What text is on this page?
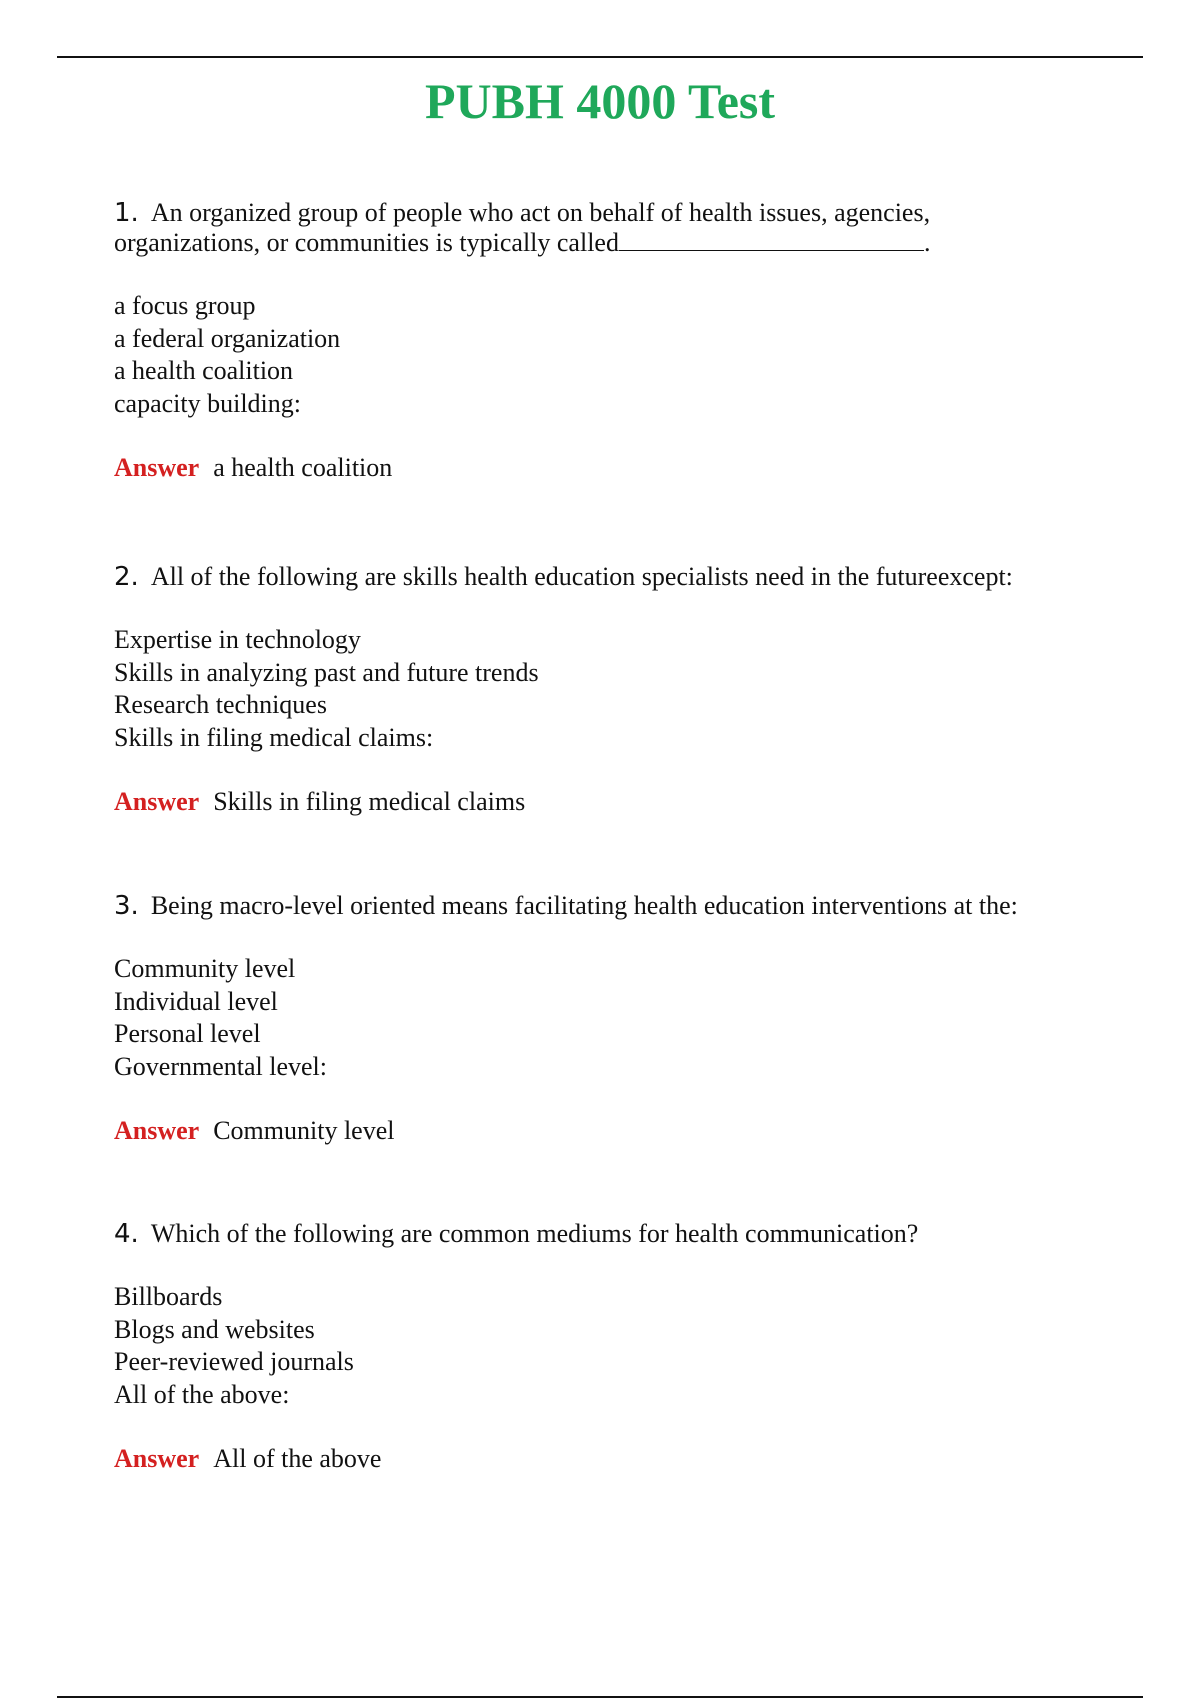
PUBH 4000 Test
1. An organized group of people who act on behalf of health issues, agencies,
organizations, or communities is typically called	.
a focus group
a federal organization
a health coalition
capacity building:
Answer a health coalition
2. All of the following are skills health education specialists need in the futureexcept:
Expertise in technology
Skills in analyzing past and future trends
Research techniques
Skills in filing medical claims:
Answer Skills in filing medical claims
3. Being macro-level oriented means facilitating health education interventions at the:
Community level
Individual level
Personal level
Governmental level:
Answer Community level
4. Which of the following are common mediums for health communication?
Billboards
Blogs and websites
Peer-reviewed journals
All of the above:
Answer All of the above
